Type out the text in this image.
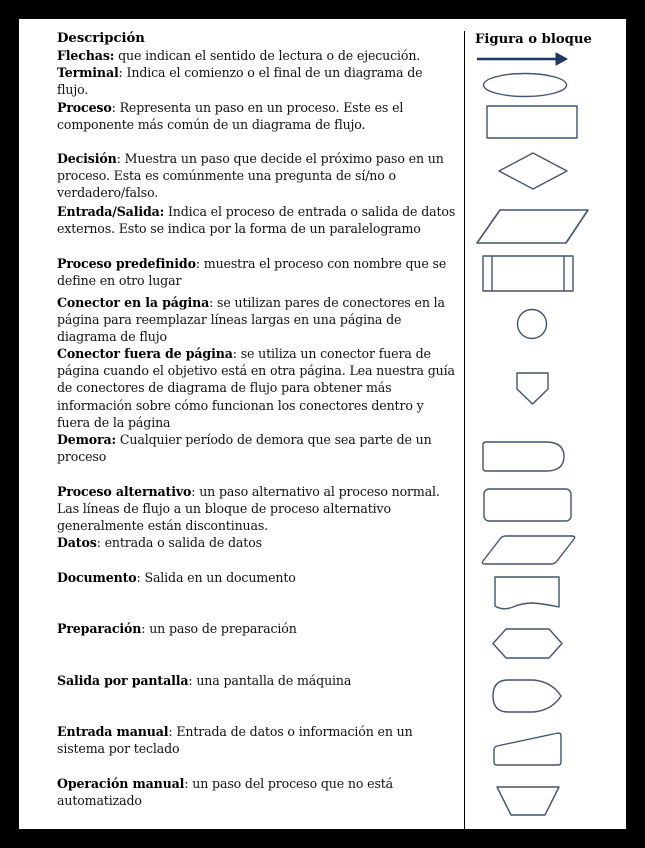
Descripción	Figura o bloque
Flechas: que indican el sentido de lectura o de ejecución.
Terminal: Indica el comienzo o el final de un diagrama de flujo.
Proceso: Representa un paso en un proceso. Este es el componente más común de un diagrama de flujo.
Decisión: Muestra un paso que decide el próximo paso en un proceso. Esta es comúnmente una pregunta de sí/no o verdadero/falso.
Entrada/Salida: Indica el proceso de entrada o salida de datos externos. Esto se indica por la forma de un paralelogramo
Proceso predefinido: muestra el proceso con nombre que se define en otro lugar
Conector en la página: se utilizan pares de conectores en la página para reemplazar líneas largas en una página de diagrama de flujo
Conector fuera de página: se utiliza un conector fuera de página cuando el objetivo está en otra página. Lea nuestra guía de conectores de diagrama de flujo para obtener más información sobre cómo funcionan los conectores dentro y fuera de la página
Demora: Cualquier período de demora que sea parte de un proceso
Proceso alternativo: un paso alternativo al proceso normal. Las líneas de flujo a un bloque de proceso alternativo generalmente están discontinuas.
Datos: entrada o salida de datos
Documento: Salida en un documento
Preparación: un paso de preparación
Salida por pantalla: una pantalla de máquina
Entrada manual: Entrada de datos o información en un sistema por teclado
Operación manual: un paso del proceso que no está automatizado
